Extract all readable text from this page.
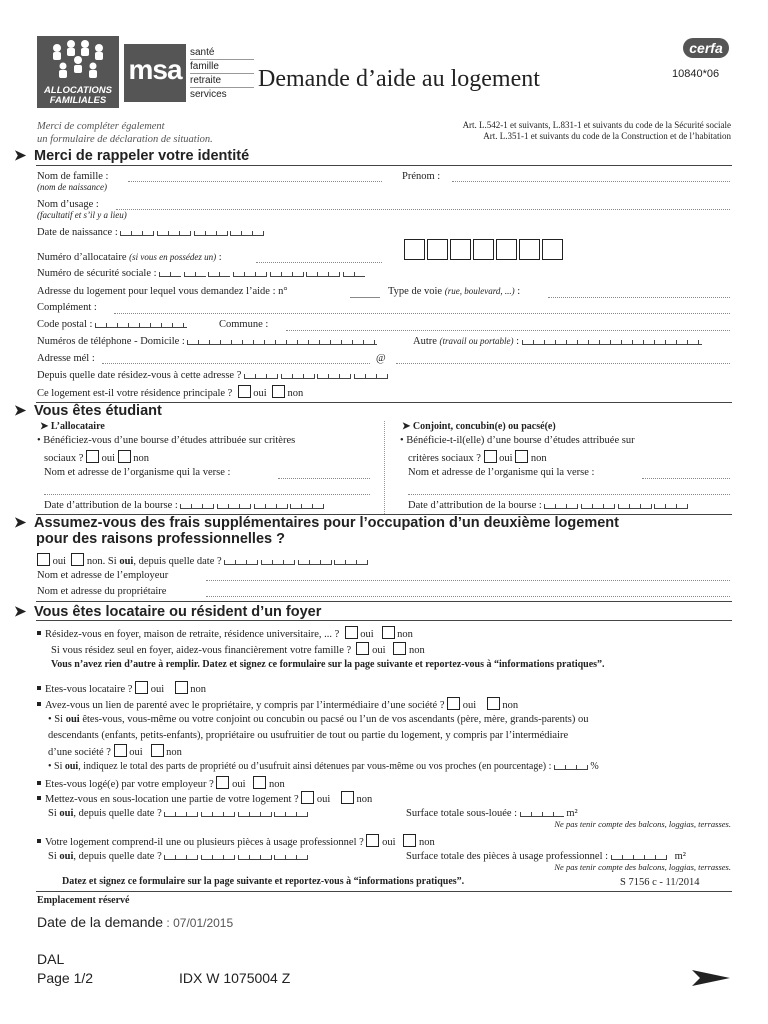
ALLOCATIONS FAMILIALES
msa
santé
famille
retraite
services
Demande d’aide au logement
cerfa
10840*06
Merci de compléter également
un formulaire de déclaration de situation.
Art. L.542-1 et suivants, L.831-1 et suivants du code de la Sécurité sociale
Art. L.351-1 et suivants du code de la Construction et de l’habitation
➤ Merci de rappeler votre identité
Nom de famille :
(nom de naissance)
Prénom :
Nom d’usage :
(facultatif et s’il y a lieu)
Date de naissance :
Numéro d’allocataire (si vous en possédez un) :
Numéro de sécurité sociale :
Adresse du logement pour lequel vous demandez l’aide : n°	Type de voie (rue, boulevard, ...) :
Complément :
Code postal :	Commune :
Numéros de téléphone - Domicile :	Autre (travail ou portable) :
Adresse mél :	@
Depuis quelle date résidez-vous à cette adresse ?
Ce logement est-il votre résidence principale ? oui non
➤ Vous êtes étudiant
➤ L’allocataire
• Bénéficiez-vous d’une bourse d’études attribuée sur critères
sociaux ? oui non
Nom et adresse de l’organisme qui la verse :
Date d’attribution de la bourse :
➤ Conjoint, concubin(e) ou pacsé(e)
• Bénéficie-t-il(elle) d’une bourse d’études attribuée sur
critères sociaux ? oui non
Nom et adresse de l’organisme qui la verse :
Date d’attribution de la bourse :
➤ Assumez-vous des frais supplémentaires pour l’occupation d’un deuxième logement
pour des raisons professionnelles ?
oui non. Si oui, depuis quelle date ?
Nom et adresse de l’employeur
Nom et adresse du propriétaire
➤ Vous êtes locataire ou résident d’un foyer
Résidez-vous en foyer, maison de retraite, résidence universitaire, ... ? oui non
Si vous résidez seul en foyer, aidez-vous financièrement votre famille ? oui non
Vous n’avez rien d’autre à remplir. Datez et signez ce formulaire sur la page suivante et reportez-vous à “informations pratiques”.
Etes-vous locataire ? oui non
Avez-vous un lien de parenté avec le propriétaire, y compris par l’intermédiaire d’une société ? oui non
• Si oui êtes-vous, vous-même ou votre conjoint ou concubin ou pacsé ou l’un de vos ascendants (père, mère, grands-parents) ou
descendants (enfants, petits-enfants), propriétaire ou usufruitier de tout ou partie du logement, y compris par l’intermédiaire
d’une société ? oui non
• Si oui, indiquez le total des parts de propriété ou d’usufruit ainsi détenues par vous-même ou vos proches (en pourcentage) :	%
Etes-vous logé(e) par votre employeur ? oui non
Mettez-vous en sous-location une partie de votre logement ? oui non
Si oui, depuis quelle date ?	Surface totale sous-louée :	m²
Ne pas tenir compte des balcons, loggias, terrasses.
Votre logement comprend-il une ou plusieurs pièces à usage professionnel ? oui non
Si oui, depuis quelle date ?	Surface totale des pièces à usage professionnel :	m²
Ne pas tenir compte des balcons, loggias, terrasses.
Datez et signez ce formulaire sur la page suivante et reportez-vous à “informations pratiques”.	S 7156 c - 11/2014
Emplacement réservé
Date de la demande : 07/01/2015
DAL
Page 1/2	IDX W 1075004 Z
